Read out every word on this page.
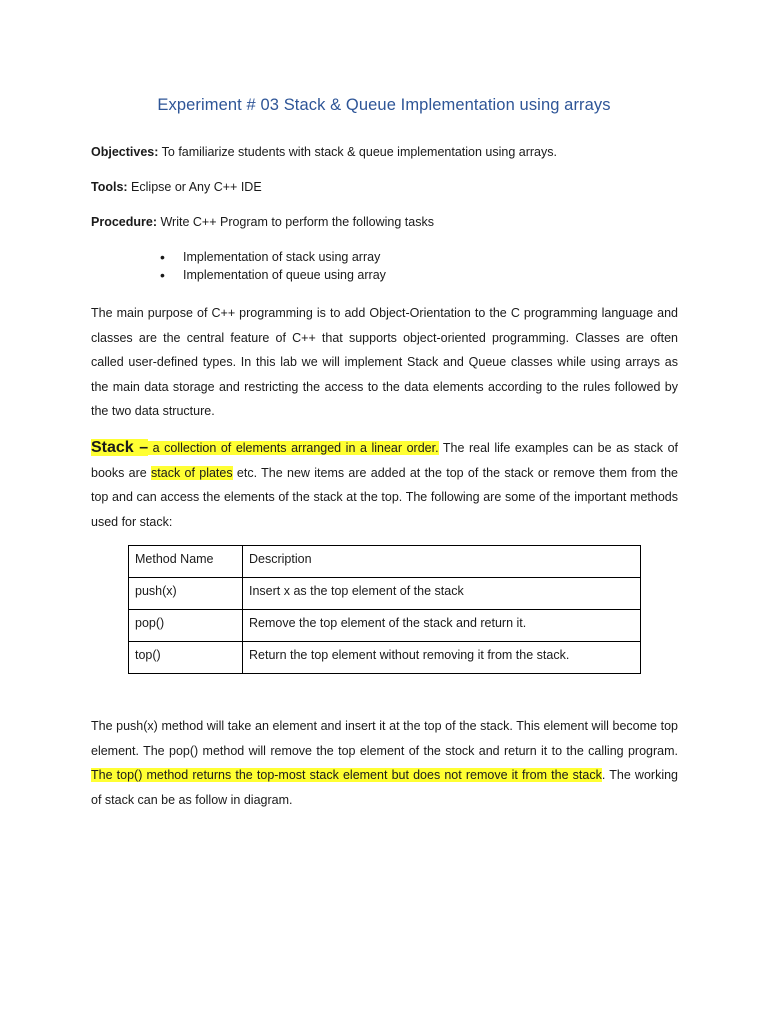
Experiment # 03 Stack & Queue Implementation using arrays
Objectives: To familiarize students with stack & queue implementation using arrays.
Tools: Eclipse or Any C++ IDE
Procedure: Write C++ Program to perform the following tasks
• Implementation of stack using array
• Implementation of queue using array
The main purpose of C++ programming is to add Object-Orientation to the C programming language and classes are the central feature of C++ that supports object-oriented programming. Classes are often called user-defined types. In this lab we will implement Stack and Queue classes while using arrays as the main data storage and restricting the access to the data elements according to the rules followed by the two data structure.
Stack – a collection of elements arranged in a linear order. The real life examples can be as stack of books are stack of plates etc. The new items are added at the top of the stack or remove them from the top and can access the elements of the stack at the top. The following are some of the important methods used for stack:
Method Name	Description
push(x)	Insert x as the top element of the stack
pop()	Remove the top element of the stack and return it.
top()	Return the top element without removing it from the stack.
The push(x) method will take an element and insert it at the top of the stack. This element will become top element. The pop() method will remove the top element of the stock and return it to the calling program. The top() method returns the top-most stack element but does not remove it from the stack. The working of stack can be as follow in diagram.
